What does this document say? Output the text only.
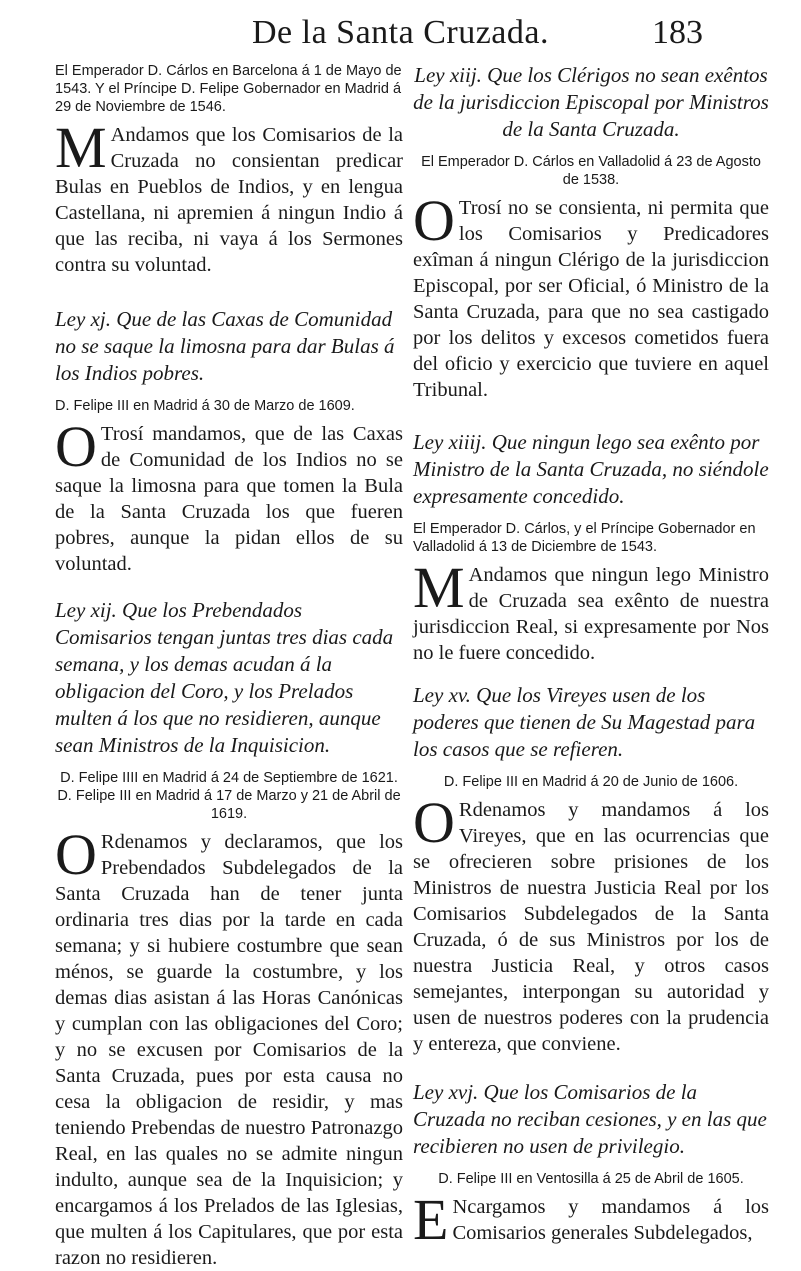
De la Santa Cruzada.	183

El Emperador D. Cárlos en Barcelona á 1 de Mayo de 1543. Y el Príncipe D. Felipe Gobernador en Madrid á 29 de Noviembre de 1546.

M Andamos que los Comisarios de la Cruzada no consientan predicar Bulas en Pueblos de Indios, y en lengua Castellana, ni apremien á ningun Indio á que las reciba, ni vaya á los Sermones contra su voluntad.

Ley xj. Que de las Caxas de Comunidad no se saque la limosna para dar Bulas á los Indios pobres.

D. Felipe III en Madrid á 30 de Marzo de 1609.

O Trosí mandamos, que de las Caxas de Comunidad de los Indios no se saque la limosna para que tomen la Bula de la Santa Cruzada los que fueren pobres, aunque la pidan ellos de su voluntad.

Ley xij. Que los Prebendados Comisarios tengan juntas tres dias cada semana, y los demas acudan á la obligacion del Coro, y los Prelados multen á los que no residieren, aunque sean Ministros de la Inquisicion.

D. Felipe IIII en Madrid á 24 de Septiembre de 1621.

D. Felipe III en Madrid á 17 de Marzo y 21 de Abril de 1619.

O Rdenamos y declaramos, que los Prebendados Subdelegados de la Santa Cruzada han de tener junta ordinaria tres dias por la tarde en cada semana; y si hubiere costumbre que sean ménos, se guarde la costumbre, y los demas dias asistan á las Horas Canónicas y cumplan con las obligaciones del Coro; y no se excusen por Comisarios de la Santa Cruzada, pues por esta causa no cesa la obligacion de residir, y mas teniendo Prebendas de nuestro Patronazgo Real, en las quales no se admite ningun indulto, aunque sea de la Inquisicion; y encargamos á los Prelados de las Iglesias, que multen á los Capitulares, que por esta razon no residieren.

Ley xiij. Que los Clérigos no sean exêntos de la jurisdiccion Episcopal por Ministros de la Santa Cruzada.

El Emperador D. Cárlos en Valladolid á 23 de Agosto de 1538.

O Trosí no se consienta, ni permita que los Comisarios y Predicadores exîman á ningun Clérigo de la jurisdiccion Episcopal, por ser Oficial, ó Ministro de la Santa Cruzada, para que no sea castigado por los delitos y excesos cometidos fuera del oficio y exercicio que tuviere en aquel Tribunal.

Ley xiiij. Que ningun lego sea exênto por Ministro de la Santa Cruzada, no siéndole expresamente concedido.

El Emperador D. Cárlos, y el Príncipe Gobernador en Valladolid á 13 de Diciembre de 1543.

M Andamos que ningun lego Ministro de Cruzada sea exênto de nuestra jurisdiccion Real, si expresamente por Nos no le fuere concedido.

Ley xv. Que los Vireyes usen de los poderes que tienen de Su Magestad para los casos que se refieren.

D. Felipe III en Madrid á 20 de Junio de 1606.

O Rdenamos y mandamos á los Vireyes, que en las ocurrencias que se ofrecieren sobre prisiones de los Ministros de nuestra Justicia Real por los Comisarios Subdelegados de la Santa Cruzada, ó de sus Ministros por los de nuestra Justicia Real, y otros casos semejantes, interpongan su autoridad y usen de nuestros poderes con la prudencia y entereza, que conviene.

Ley xvj. Que los Comisarios de la Cruzada no reciban cesiones, y en las que recibieren no usen de privilegio.

D. Felipe III en Ventosilla á 25 de Abril de 1605.

E Ncargamos y mandamos á los Comisarios generales Subdelegados,
